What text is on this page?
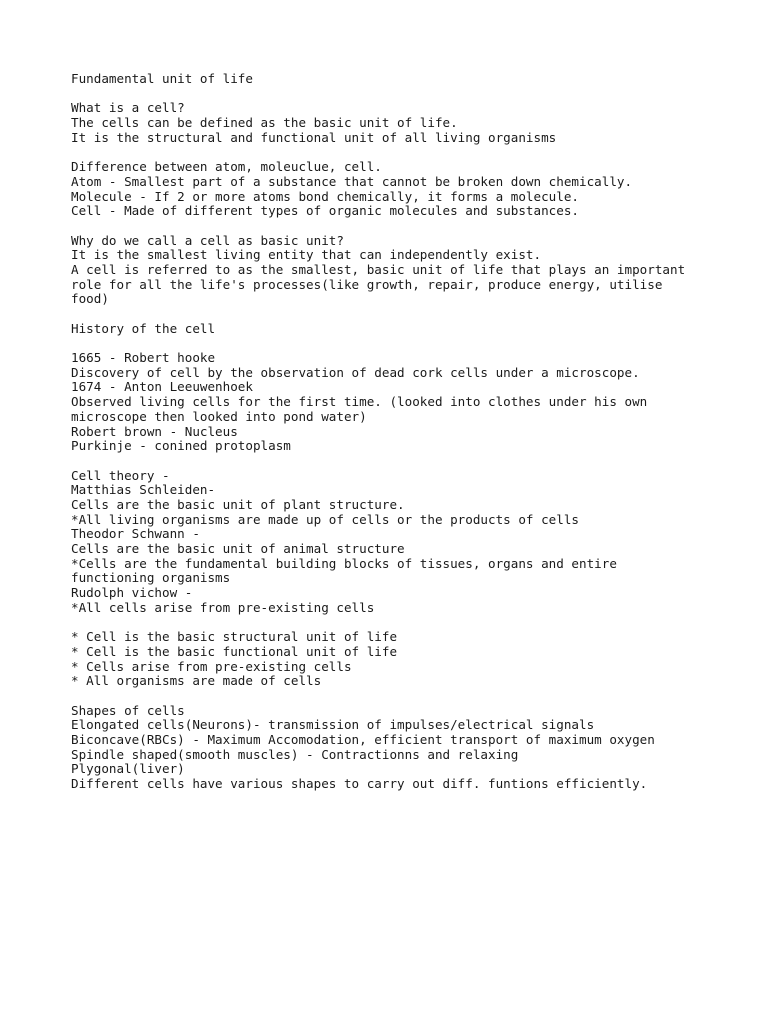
Fundamental unit of life
What is a cell?
The cells can be defined as the basic unit of life.
It is the structural and functional unit of all living organisms
Difference between atom, moleuclue, cell.
Atom - Smallest part of a substance that cannot be broken down chemically.
Molecule - If 2 or more atoms bond chemically, it forms a molecule.
Cell - Made of different types of organic molecules and substances.
Why do we call a cell as basic unit?
It is the smallest living entity that can independently exist.
A cell is referred to as the smallest, basic unit of life that plays an important
role for all the life's processes(like growth, repair, produce energy, utilise
food)
History of the cell
1665 - Robert hooke
Discovery of cell by the observation of dead cork cells under a microscope.
1674 - Anton Leeuwenhoek
Observed living cells for the first time. (looked into clothes under his own
microscope then looked into pond water)
Robert brown - Nucleus
Purkinje - conined protoplasm
Cell theory -
Matthias Schleiden-
Cells are the basic unit of plant structure.
*All living organisms are made up of cells or the products of cells
Theodor Schwann -
Cells are the basic unit of animal structure
*Cells are the fundamental building blocks of tissues, organs and entire
functioning organisms
Rudolph vichow -
*All cells arise from pre-existing cells
* Cell is the basic structural unit of life
* Cell is the basic functional unit of life
* Cells arise from pre-existing cells
* All organisms are made of cells
Shapes of cells
Elongated cells(Neurons)- transmission of impulses/electrical signals
Biconcave(RBCs) - Maximum Accomodation, efficient transport of maximum oxygen
Spindle shaped(smooth muscles) - Contractionns and relaxing
Plygonal(liver)
Different cells have various shapes to carry out diff. funtions efficiently.
